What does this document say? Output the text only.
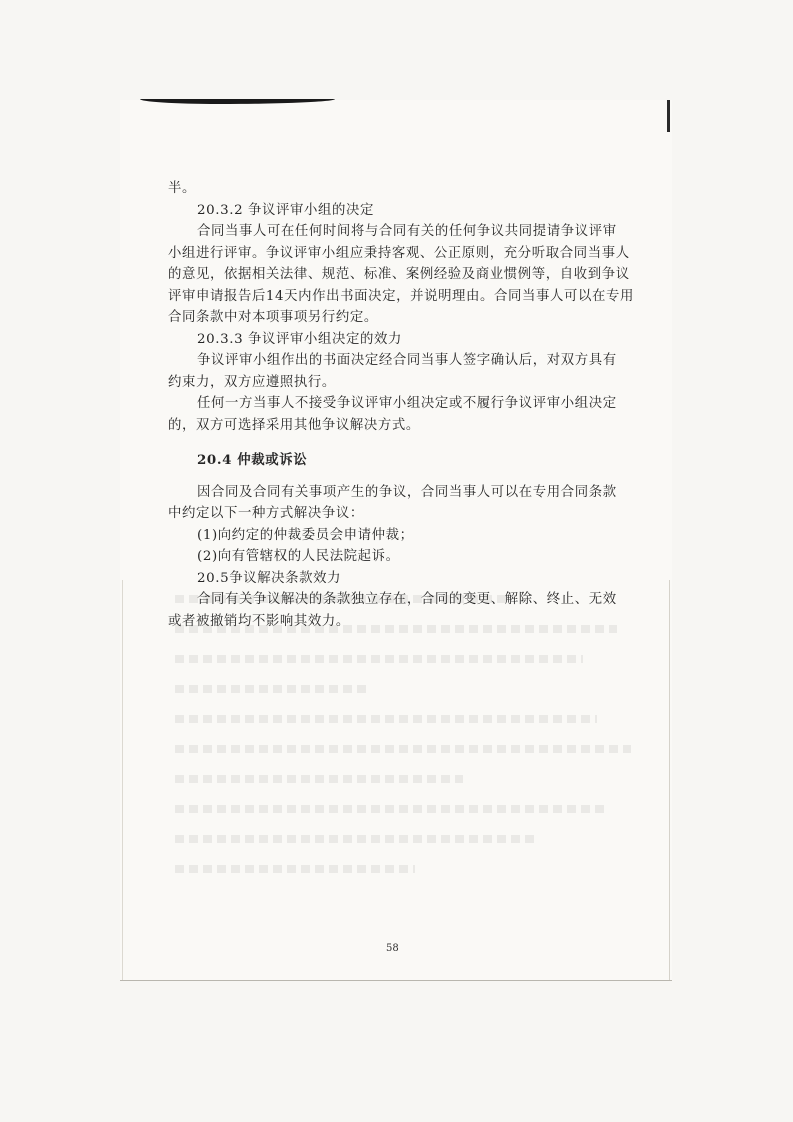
半。
20.3.2 争议评审小组的决定
合同当事人可在任何时间将与合同有关的任何争议共同提请争议评审
小组进行评审。争议评审小组应秉持客观、公正原则，充分听取合同当事人
的意见，依据相关法律、规范、标准、案例经验及商业惯例等，自收到争议
评审申请报告后14天内作出书面决定，并说明理由。合同当事人可以在专用
合同条款中对本项事项另行约定。
20.3.3 争议评审小组决定的效力
争议评审小组作出的书面决定经合同当事人签字确认后，对双方具有
约束力，双方应遵照执行。
任何一方当事人不接受争议评审小组决定或不履行争议评审小组决定
的，双方可选择采用其他争议解决方式。
20.4 仲裁或诉讼
因合同及合同有关事项产生的争议，合同当事人可以在专用合同条款
中约定以下一种方式解决争议：
(1)向约定的仲裁委员会申请仲裁；
(2)向有管辖权的人民法院起诉。
20.5争议解决条款效力
合同有关争议解决的条款独立存在，合同的变更、解除、终止、无效
或者被撤销均不影响其效力。
58
